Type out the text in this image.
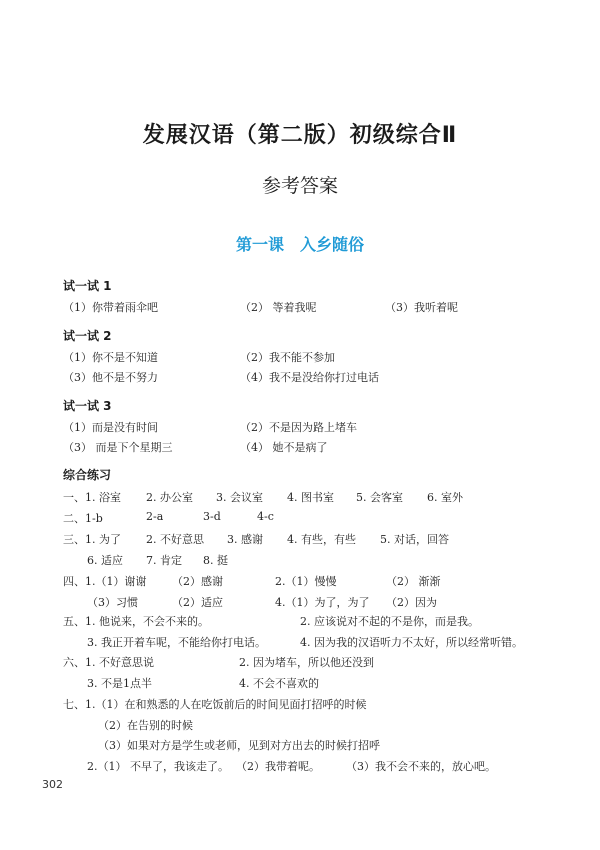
发展汉语（第二版）初级综合Ⅱ
参考答案
第一课 入乡随俗
试一试 1
（1）你带着雨伞吧	（2） 等着我呢	（3）我听着呢
试一试 2
（1）你不是不知道	（2）我不能不参加
（3）他不是不努力	（4）我不是没给你打过电话
试一试 3
（1）而是没有时间	（2）不是因为路上堵车
（3） 而是下个星期三	（4） 她不是病了
综合练习
一、1. 浴室 2. 办公室 3. 会议室 4. 图书室 5. 会客室 6. 室外
二、1-b	2-a	3-d	4-c
三、1. 为了 2. 不好意思 3. 感谢 4. 有些，有些 5. 对话，回答
6. 适应 7. 肯定 8. 挺
四、1.（1）谢谢 （2）感谢	2.（1）慢慢	（2） 渐渐
（3）习惯	（2）适应	4.（1）为了，为了 （2）因为
五、1. 他说来，不会不来的。	2. 应该说对不起的不是你，而是我。
3. 我正开着车呢，不能给你打电话。	4. 因为我的汉语听力不太好，所以经常听错。
六、1. 不好意思说	2. 因为堵车，所以他还没到
3. 不是1点半	4. 不会不喜欢的
七、1.（1）在和熟悉的人在吃饭前后的时间见面打招呼的时候
（2）在告别的时候
（3）如果对方是学生或老师，见到对方出去的时候打招呼
2.（1） 不早了，我该走了。 （2）我带着呢。 （3）我不会不来的，放心吧。
302
